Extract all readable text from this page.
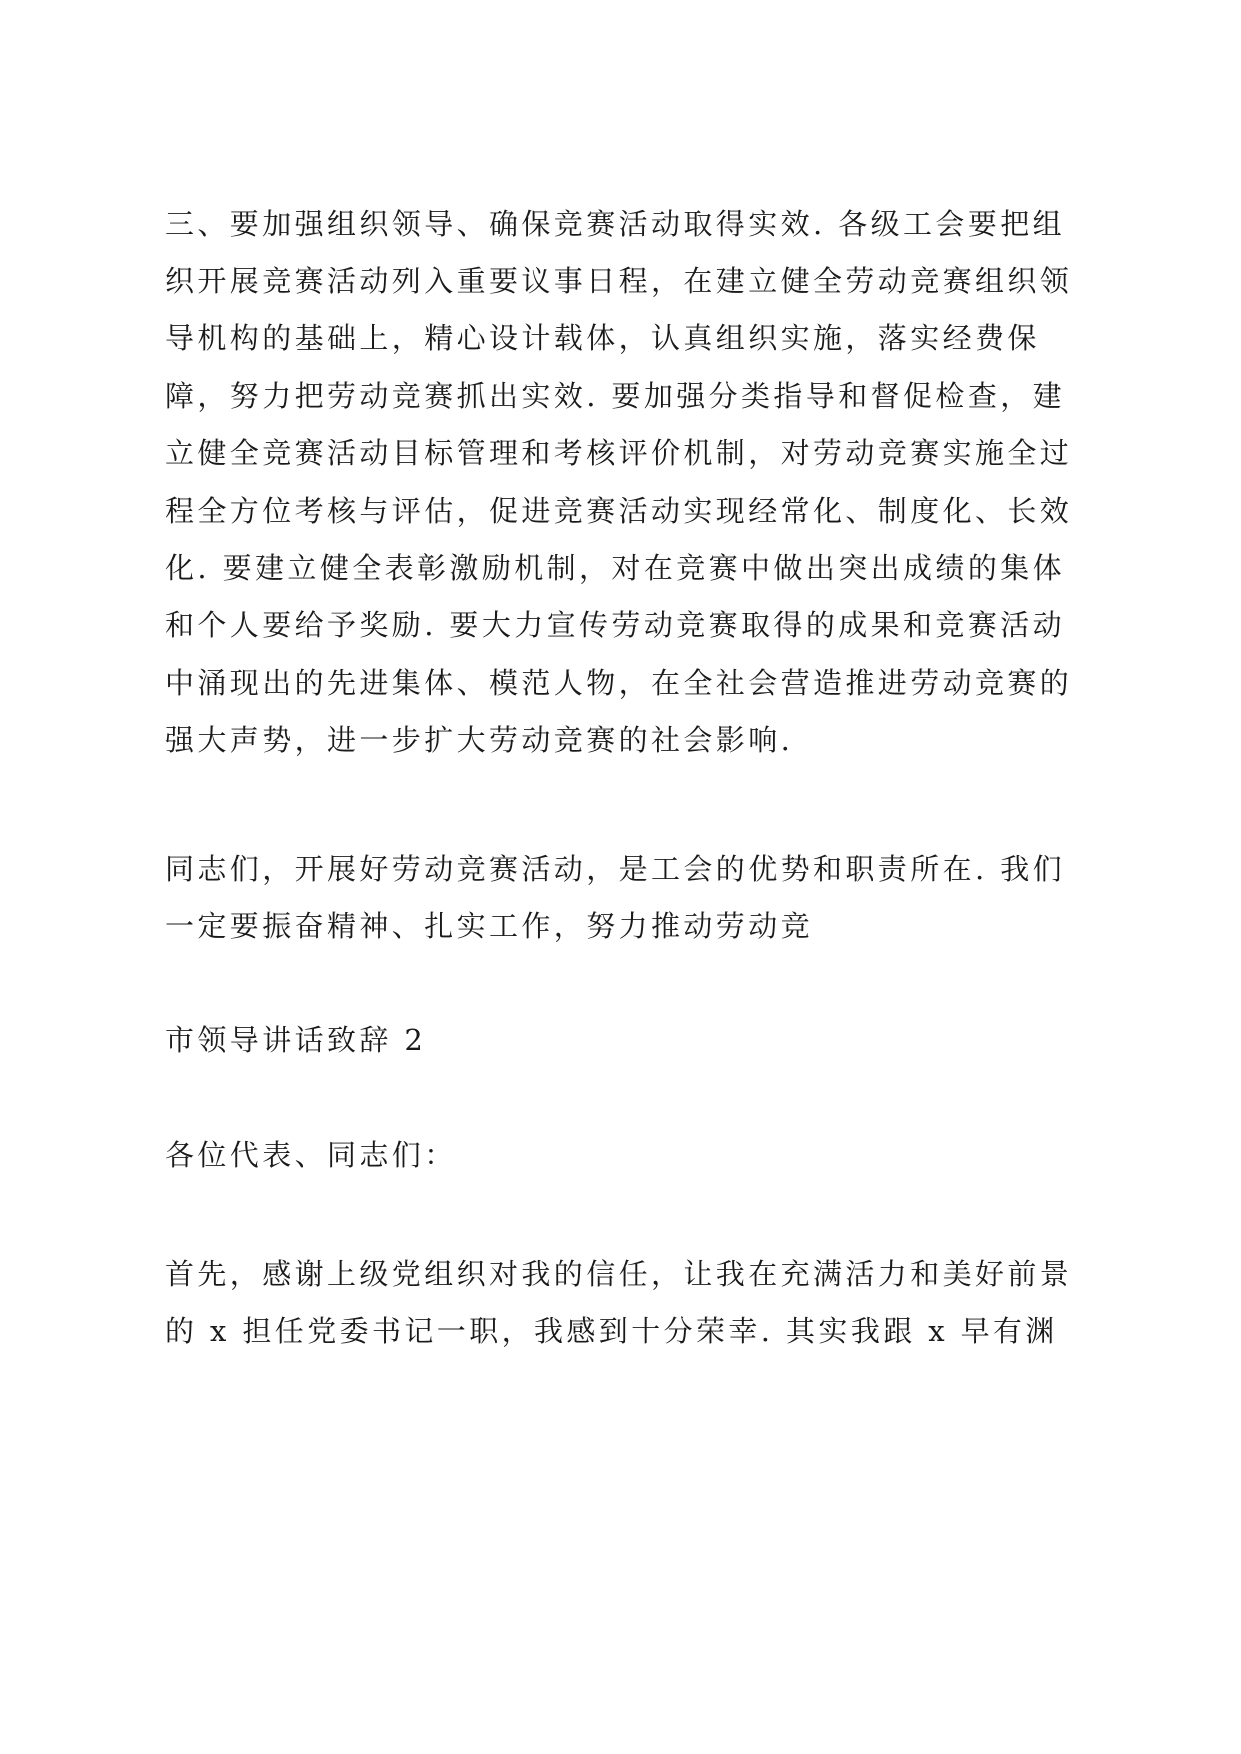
三、要加强组织领导、确保竞赛活动取得实效. 各级工会要把组
织开展竞赛活动列入重要议事日程，在建立健全劳动竞赛组织领
导机构的基础上，精心设计载体，认真组织实施，落实经费保
障，努力把劳动竞赛抓出实效. 要加强分类指导和督促检查，建
立健全竞赛活动目标管理和考核评价机制，对劳动竞赛实施全过
程全方位考核与评估，促进竞赛活动实现经常化、制度化、长效
化. 要建立健全表彰激励机制，对在竞赛中做出突出成绩的集体
和个人要给予奖励. 要大力宣传劳动竞赛取得的成果和竞赛活动
中涌现出的先进集体、模范人物，在全社会营造推进劳动竞赛的
强大声势，进一步扩大劳动竞赛的社会影响.
同志们，开展好劳动竞赛活动，是工会的优势和职责所在. 我们
一定要振奋精神、扎实工作，努力推动劳动竞
市领导讲话致辞 2
各位代表、同志们：
首先，感谢上级党组织对我的信任，让我在充满活力和美好前景
的 x 担任党委书记一职，我感到十分荣幸. 其实我跟 x 早有渊
